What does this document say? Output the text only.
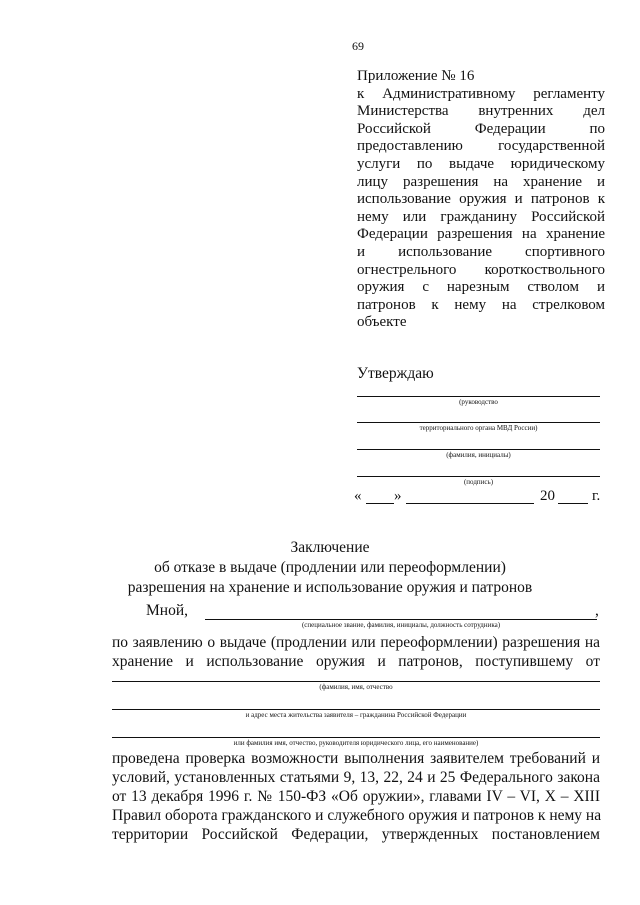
69
Приложение № 16
к Административному регламенту
Министерства внутренних дел
Российской Федерации по
предоставлению государственной
услуги по выдаче юридическому
лицу разрешения на хранение и
использование оружия и патронов к
нему или гражданину Российской
Федерации разрешения на хранение
и использование спортивного
огнестрельного короткоствольного
оружия с нарезным стволом и
патронов к нему на стрелковом
объекте
Утверждаю
(руководство
территориального органа МВД России)
(фамилия, инициалы)
(подпись)
« »	20 г.
Заключение
об отказе в выдаче (продлении или переоформлении)
разрешения на хранение и использование оружия и патронов
Мной,	,
(специальное звание, фамилия, инициалы, должность сотрудника)
по заявлению о выдаче (продлении или переоформлении) разрешения на
хранение и использование оружия и патронов, поступившему от
(фамилия, имя, отчество
и адрес места жительства заявителя – гражданина Российской Федерации
или фамилия имя, отчество, руководителя юридического лица, его наименование)
проведена проверка возможности выполнения заявителем требований и
условий, установленных статьями 9, 13, 22, 24 и 25 Федерального закона
от 13 декабря 1996 г. № 150-ФЗ «Об оружии», главами IV – VI, X – XIII
Правил оборота гражданского и служебного оружия и патронов к нему на
территории Российской Федерации, утвержденных постановлением
